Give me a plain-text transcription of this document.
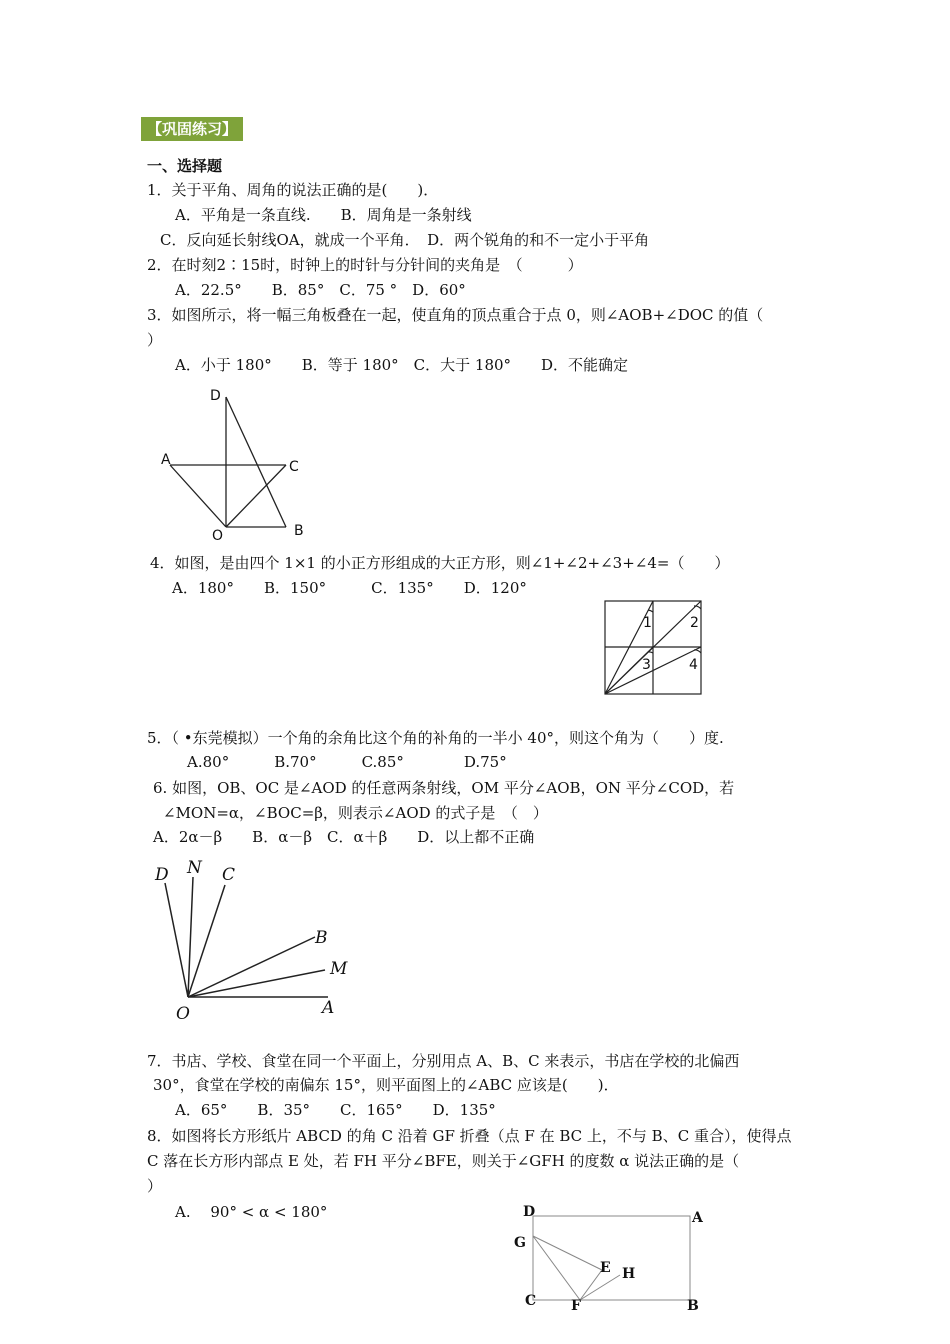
【巩固练习】
一、选择题
1．关于平角、周角的说法正确的是(　　)．
A．平角是一条直线.　　B．周角是一条射线
C．反向延长射线OA，就成一个平角．　D．两个锐角的和不一定小于平角
2．在时刻2∶15时，时钟上的时针与分针间的夹角是　（　　　）
A．22.5°　　B．85°　C．75 °　D．60°
3．如图所示，将一幅三角板叠在一起，使直角的顶点重合于点 0，则∠AOB+∠DOC 的值（
）
A．小于 180°　　B．等于 180°　C．大于 180°　　D．不能确定
D
A	C
O	B
4．如图，是由四个 1×1 的小正方形组成的大正方形，则∠1+∠2+∠3+∠4=（　　）
A．180°　　B．150°　　　C．135°　　D．120°
1	2
3	4
5．（ •东莞模拟）一个角的余角比这个角的补角的一半小 40°，则这个角为（　　）度.
A.80°　　　B.70°　　　C.85°　　　　D.75°
6. 如图，OB、OC 是∠AOD 的任意两条射线，OM 平分∠AOB，ON 平分∠COD，若
∠MON=α，∠BOC=β，则表示∠AOD 的式子是　（　）
A．2α－β　　B．α－β　C．α＋β　　D．以上都不正确
D N C
B
M
O	A
7．书店、学校、食堂在同一个平面上，分别用点 A、B、C 来表示，书店在学校的北偏西
30°，食堂在学校的南偏东 15°，则平面图上的∠ABC 应该是(　　)．
A．65°　　B．35°　　C．165°　　D．135°
8．如图将长方形纸片 ABCD 的角 C 沿着 GF 折叠（点 F 在 BC 上，不与 B、C 重合），使得点
C 落在长方形内部点 E 处，若 FH 平分∠BFE，则关于∠GFH 的度数 α 说法正确的是（
）
A.　 90° < α < 180°	D	A
G
E H
C F	B
